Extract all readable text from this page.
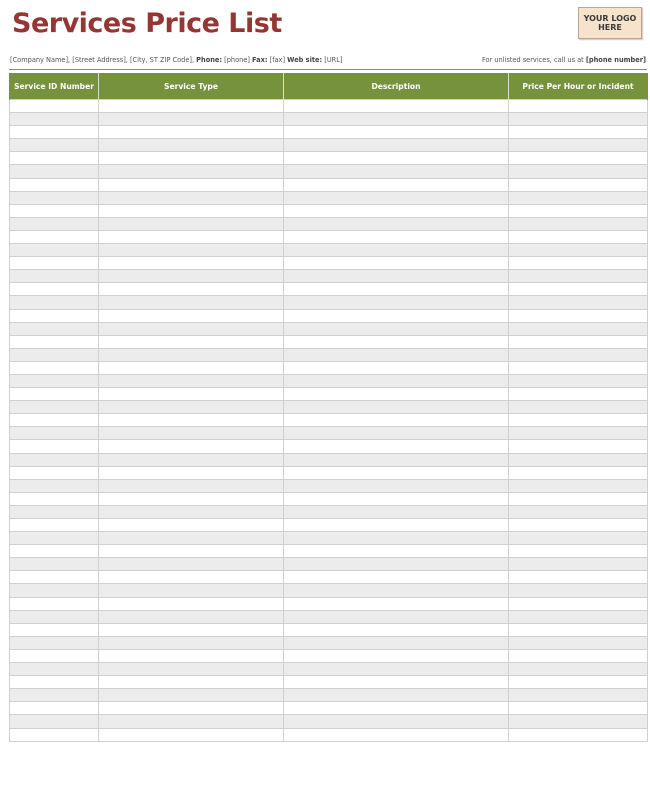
Services Price List	YOUR LOGO HERE
[Company Name], [Street Address], [City, ST ZIP Code], Phone: [phone] Fax: [fax] Web site: [URL]	For unlisted services, call us at [phone number]
Service ID Number	Service Type	Description	Price Per Hour or Incident
